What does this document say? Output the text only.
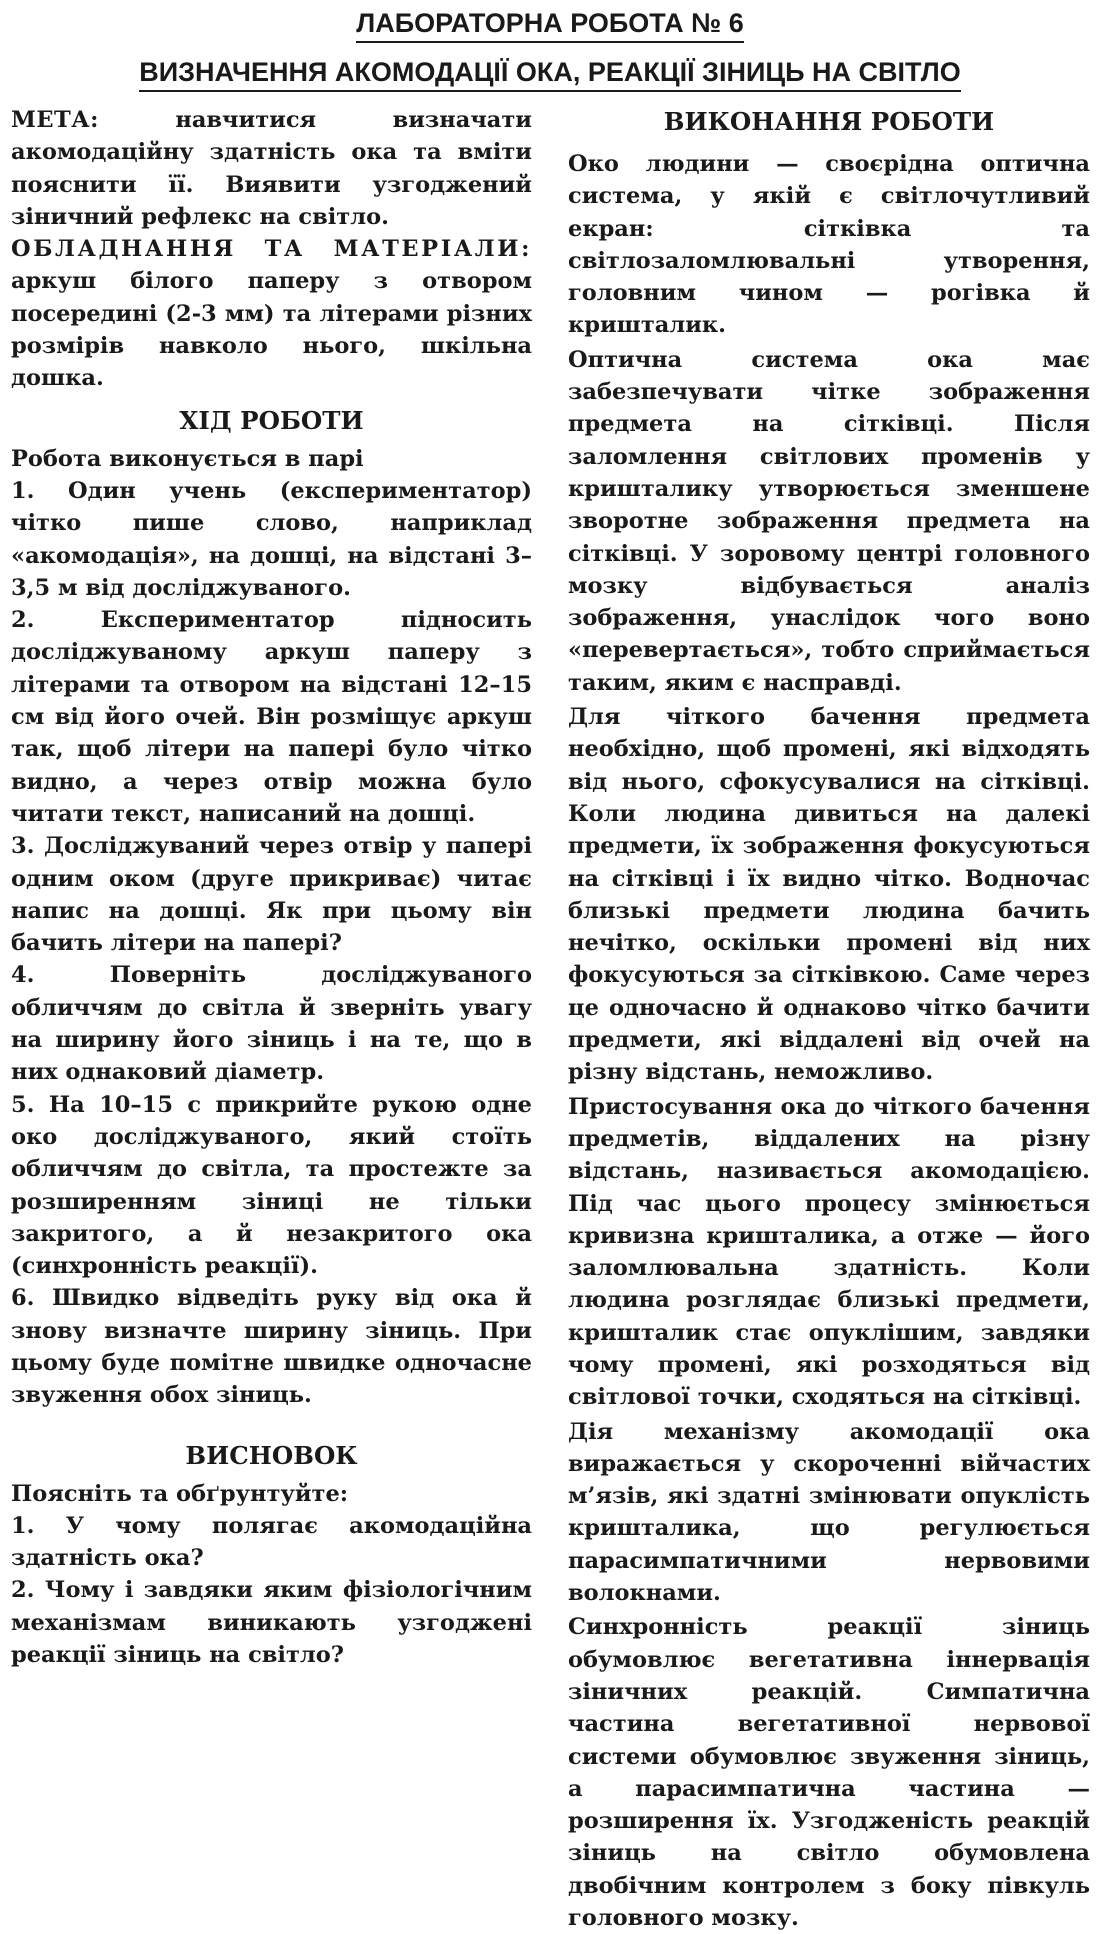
ЛАБОРАТОРНА РОБОТА № 6
ВИЗНАЧЕННЯ АКОМОДАЦІЇ ОКА, РЕАКЦІЇ ЗІНИЦЬ НА СВІТЛО

МЕТА:	навчитися визначати акомодаційну здатність ока та вміти пояснити її. Виявити узгоджений зіничний рефлекс на світло.

ОБЛАДНАННЯ ТА МАТЕРІАЛИ: аркуш білого паперу з отвором посередині (2-3 мм) та літерами різних розмірів навколо нього, шкільна дошка.

ХІД РОБОТИ

Робота виконується в парі

1. Один учень (експериментатор) чітко пише слово, наприклад «акомодація», на дошці, на відстані 3–3,5 м від досліджуваного.

2. Експериментатор підносить досліджуваному аркуш паперу з літерами та отвором на відстані 12–15 см від його очей. Він розміщує аркуш так, щоб літери на папері було чітко видно, а через отвір можна було читати текст, написаний на дошці.

3. Досліджуваний через отвір у папері одним оком (друге прикриває) читає напис на дошці. Як при цьому він бачить літери на папері?

4. Поверніть досліджуваного обличчям до світла й зверніть увагу на ширину його зіниць і на те, що в них однаковий діаметр.

5. На 10–15 с прикрийте рукою одне око досліджуваного, який стоїть обличчям до світла, та простежте за розширенням зіниці не тільки закритого, а й незакритого ока (синхронність реакції).

6. Швидко відведіть руку від ока й знову визначте ширину зіниць. При цьому буде помітне швидке одночасне звуження обох зіниць.

ВИСНОВОК

Поясніть та обґрунтуйте:

1. У чому полягає акомодаційна здатність ока?

2. Чому і завдяки яким фізіологічним механізмам виникають узгоджені реакції зіниць на світло?

ВИКОНАННЯ РОБОТИ

Око людини — своєрідна оптична система, у якій є світлочутливий екран: сітківка та світлозаломлювальні утворення, головним чином — рогівка й кришталик.

Оптична система ока має забезпечувати чітке зображення предмета на сітківці. Після заломлення світлових променів у кришталику утворюється зменшене зворотне зображення предмета на сітківці. У зоровому центрі головного мозку відбувається аналіз зображення, унаслідок чого воно «перевертається», тобто сприймається таким, яким є насправді.

Для чіткого бачення предмета необхідно, щоб промені, які відходять від нього, сфокусувалися на сітківці. Коли людина дивиться на далекі предмети, їх зображення фокусуються на сітківці і їх видно чітко. Водночас близькі предмети людина бачить нечітко, оскільки промені від них фокусуються за сітківкою. Саме через це одночасно й однаково чітко бачити предмети, які віддалені від очей на різну відстань, неможливо.

Пристосування ока до чіткого бачення предметів, віддалених на різну відстань, називається акомодацією. Під час цього процесу змінюється кривизна кришталика, а отже — його заломлювальна здатність. Коли людина розглядає близькі предмети, кришталик стає опуклішим, завдяки чому промені, які розходяться від світлової точки, сходяться на сітківці.

Дія механізму акомодації ока виражається у скороченні війчастих м’язів, які здатні змінювати опуклість кришталика, що регулюється парасимпатичними нервовими волокнами.

Синхронність реакції зіниць обумовлює вегетативна іннервація зіничних реакцій. Симпатична частина вегетативної нервової системи обумовлює звуження зіниць, а парасимпатична частина — розширення їх. Узгодженість реакцій зіниць на світло обумовлена двобічним контролем з боку півкуль головного мозку.
